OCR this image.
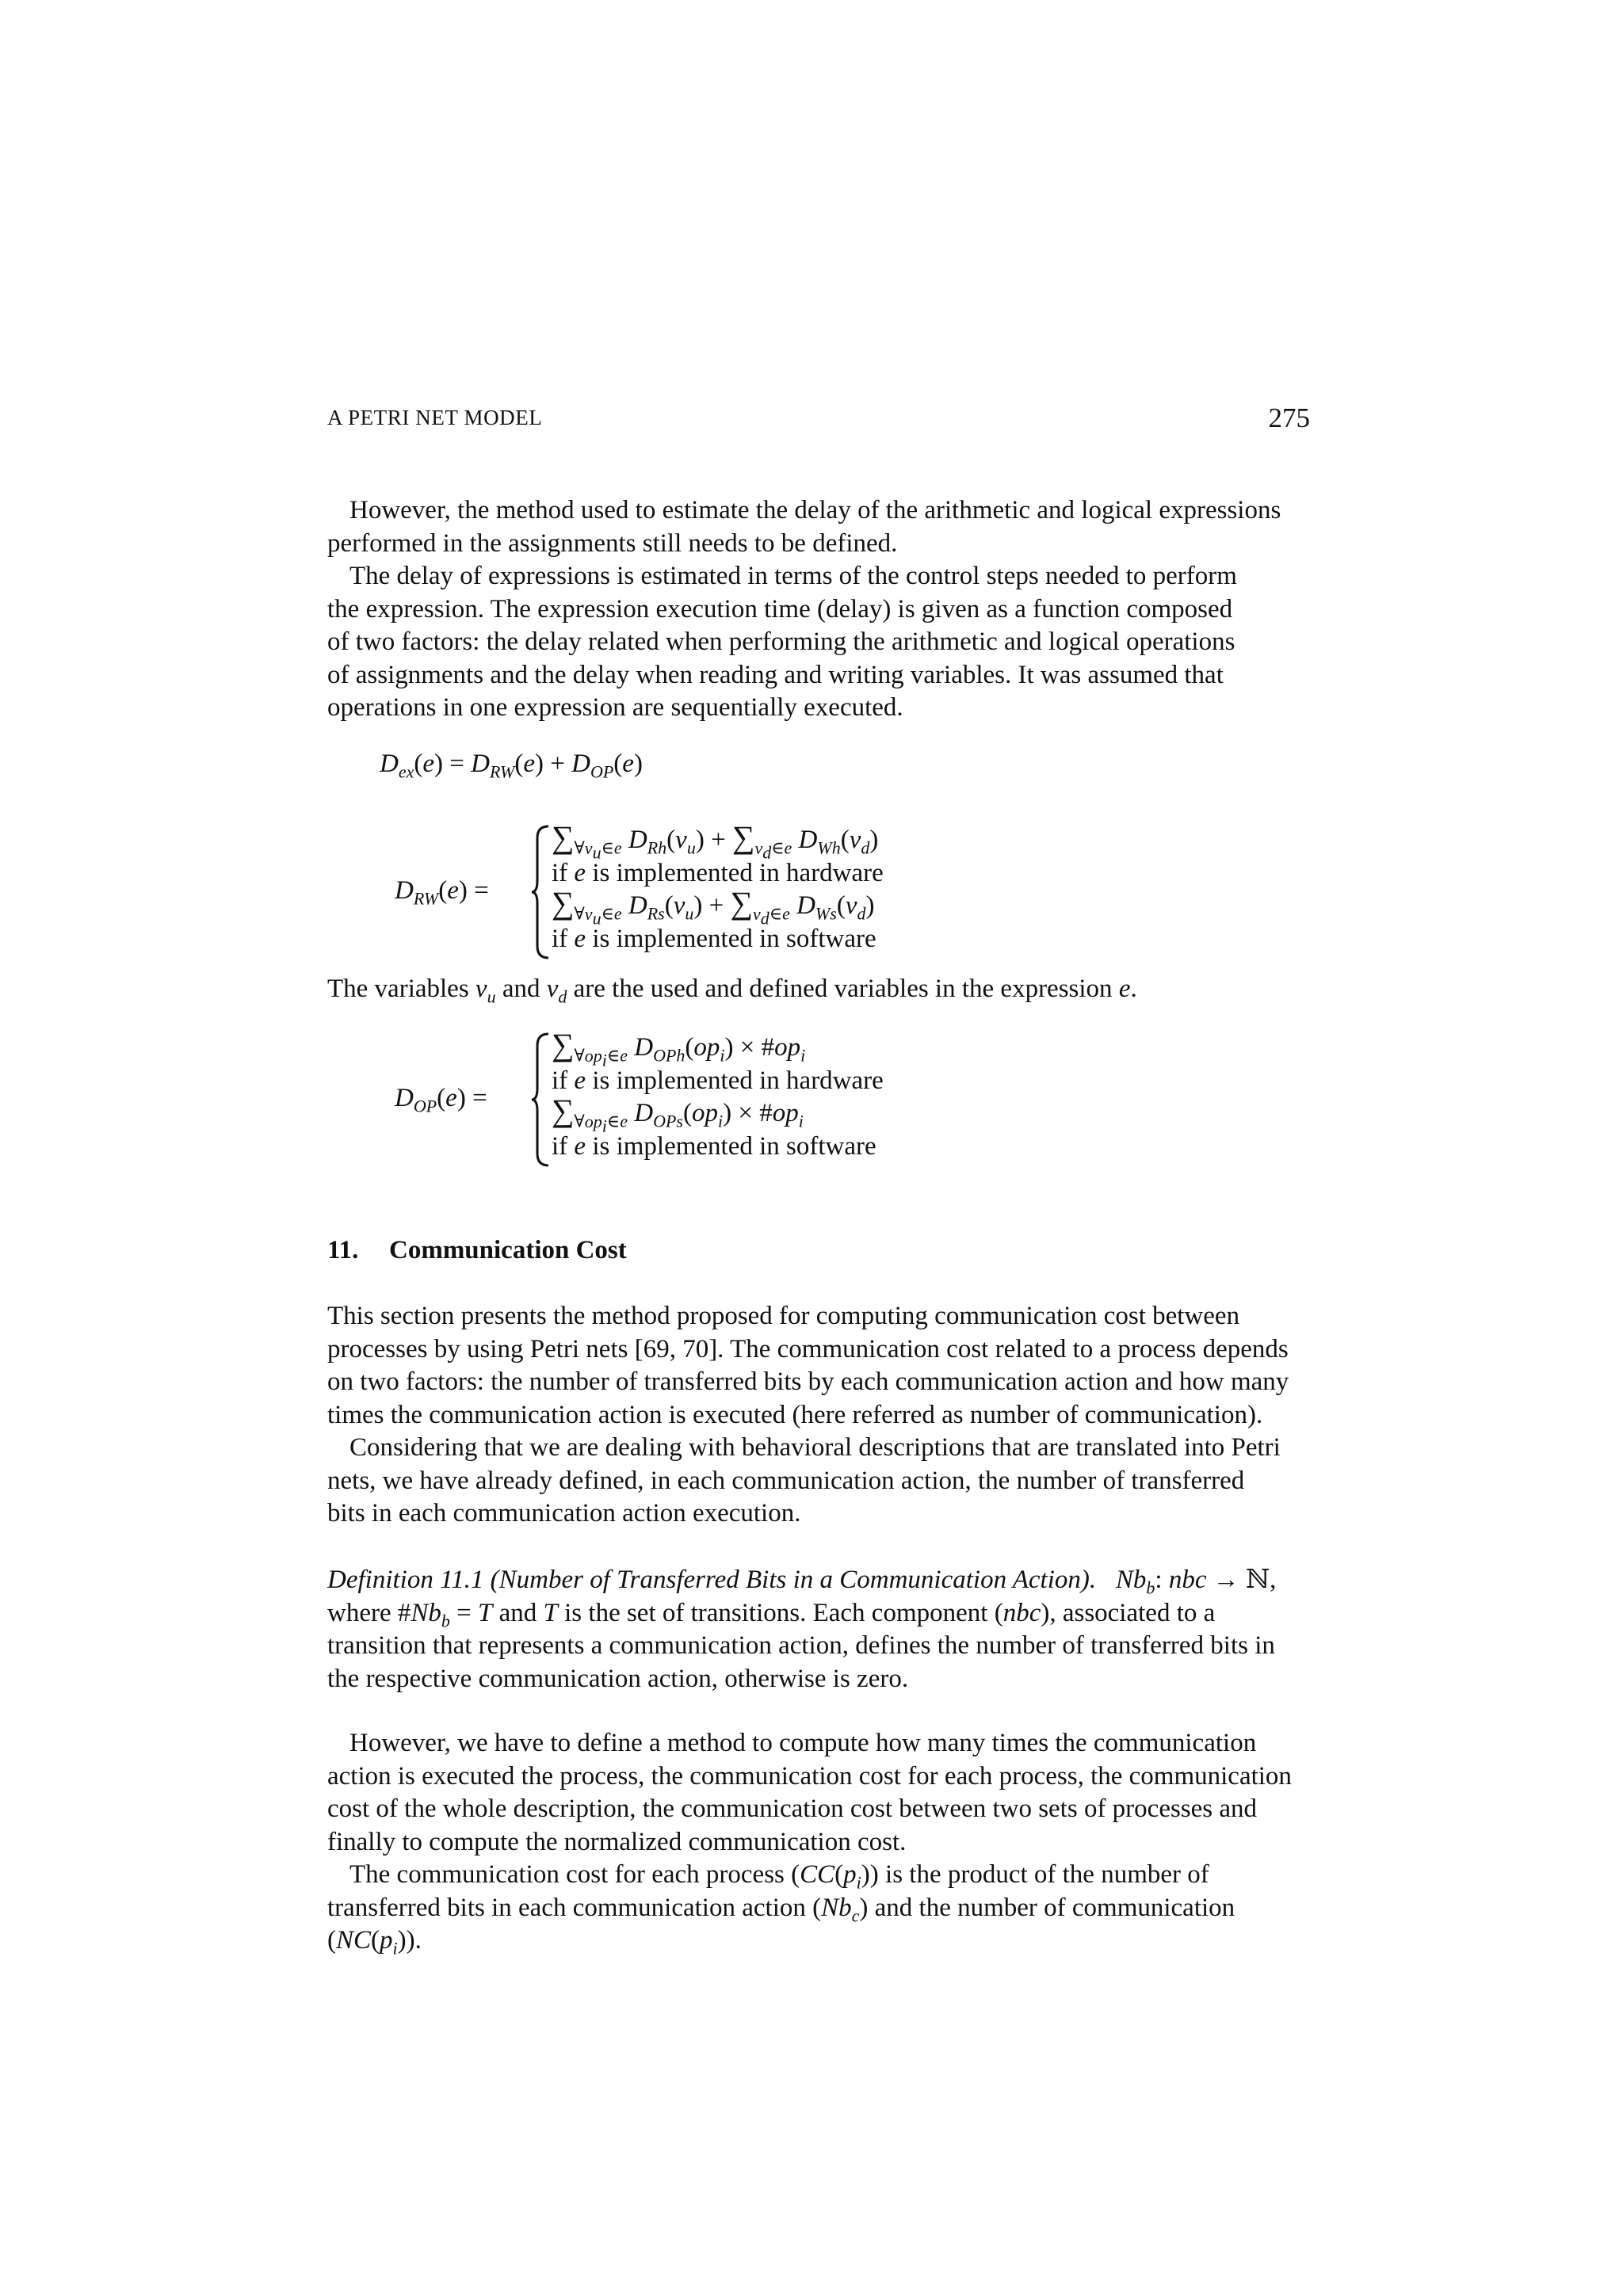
A PETRI NET MODEL	275

However, the method used to estimate the delay of the arithmetic and logical expressions

performed in the assignments still needs to be defined.

The delay of expressions is estimated in terms of the control steps needed to perform

the expression. The expression execution time (delay) is given as a function composed

of two factors: the delay related when performing the arithmetic and logical operations

of assignments and the delay when reading and writing variables. It was assumed that

operations in one expression are sequentially executed.

$D_{ex}(e) = D_{RW}(e) + D_{OP}(e)$
$D_{RW}(e)$ =
$\sum_{\forall v_u\in e}$ $D_{Rh}(v_u) + \sum_{v_d\in e}$ $D_{Wh}(v_d)$
if e is implemented in hardware
$\sum_{\forall v_u\in e}$ $D_{Rs}(v_u) + \sum_{v_d\in e}$ $D_{Ws}(v_d)$
if e is implemented in software

The variables $v_u$ and $v_d$ are the used and defined variables in the expression e.

$D_{OP}(e)$ =
$\sum_{\forall op_i\in e}$ $D_{OPh}(op_i)$ × $\#op_i$
if e is implemented in hardware
$\sum_{\forall op_i\in e}$ $D_{OPs}(op_i)$ × $\#op_i$
if e is implemented in software
11. Communication Cost

This section presents the method proposed for computing communication cost between

processes by using Petri nets [69, 70]. The communication cost related to a process depends

on two factors: the number of transferred bits by each communication action and how many

times the communication action is executed (here referred as number of communication).

Considering that we are dealing with behavioral descriptions that are translated into Petri

nets, we have already defined, in each communication action, the number of transferred

bits in each communication action execution.

Definition 11.1 (Number of Transferred Bits in a Communication Action). $Nb_b$: nbc → ℕ,

where $\#Nb_b = T$ and T is the set of transitions. Each component (nbc), associated to a

transition that represents a communication action, defines the number of transferred bits in

the respective communication action, otherwise is zero.

However, we have to define a method to compute how many times the communication

action is executed the process, the communication cost for each process, the communication

cost of the whole description, the communication cost between two sets of processes and

finally to compute the normalized communication cost.

The communication cost for each process $(CC(p_i))$ is the product of the number of

transferred bits in each communication action $(Nb_c)$ and the number of communication

$(NC(p_i))$.
